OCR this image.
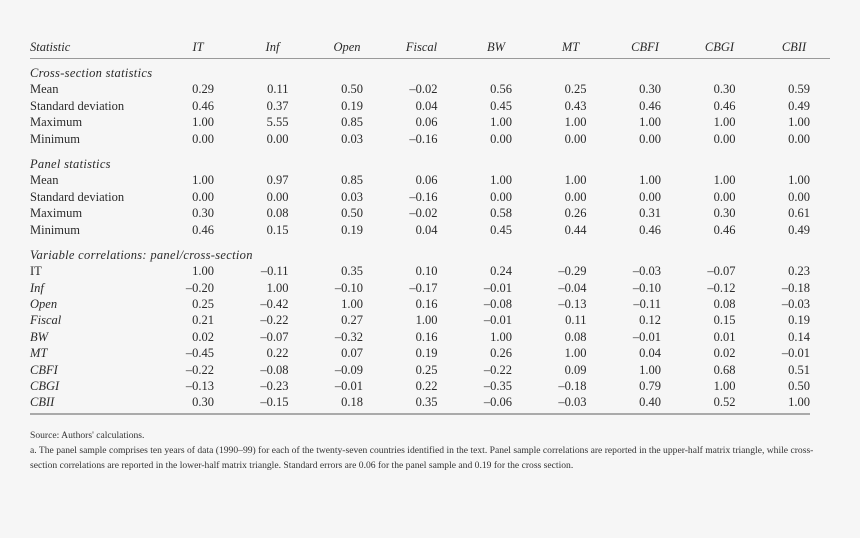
Statistic	IT	Inf	Open	Fiscal	BW	MT	CBFI	CBGI	CBII
Cross-section statistics
Mean	0.29	0.11	0.50	–0.02	0.56	0.25	0.30	0.30	0.59
Standard deviation	0.46	0.37	0.19	0.04	0.45	0.43	0.46	0.46	0.49
Maximum	1.00	5.55	0.85	0.06	1.00	1.00	1.00	1.00	1.00
Minimum	0.00	0.00	0.03	–0.16	0.00	0.00	0.00	0.00	0.00
Panel statistics
Mean	1.00	0.97	0.85	0.06	1.00	1.00	1.00	1.00	1.00
Standard deviation	0.00	0.00	0.03	–0.16	0.00	0.00	0.00	0.00	0.00
Maximum	0.30	0.08	0.50	–0.02	0.58	0.26	0.31	0.30	0.61
Minimum	0.46	0.15	0.19	0.04	0.45	0.44	0.46	0.46	0.49
Variable correlations: panel/cross-section
IT	1.00	–0.11	0.35	0.10	0.24	–0.29	–0.03	–0.07	0.23
Inf	–0.20	1.00	–0.10	–0.17	–0.01	–0.04	–0.10	–0.12	–0.18
Open	0.25	–0.42	1.00	0.16	–0.08	–0.13	–0.11	0.08	–0.03
Fiscal	0.21	–0.22	0.27	1.00	–0.01	0.11	0.12	0.15	0.19
BW	0.02	–0.07	–0.32	0.16	1.00	0.08	–0.01	0.01	0.14
MT	–0.45	0.22	0.07	0.19	0.26	1.00	0.04	0.02	–0.01
CBFI	–0.22	–0.08	–0.09	0.25	–0.22	0.09	1.00	0.68	0.51
CBGI	–0.13	–0.23	–0.01	0.22	–0.35	–0.18	0.79	1.00	0.50
CBII	0.30	–0.15	0.18	0.35	–0.06	–0.03	0.40	0.52	1.00
Source: Authors' calculations.
a. The panel sample comprises ten years of data (1990–99) for each of the twenty-seven countries identified in the text. Panel sample correlations are reported in the upper-half matrix triangle, while cross-section correlations are reported in the lower-half matrix triangle. Standard errors are 0.06 for the panel sample and 0.19 for the cross section.
